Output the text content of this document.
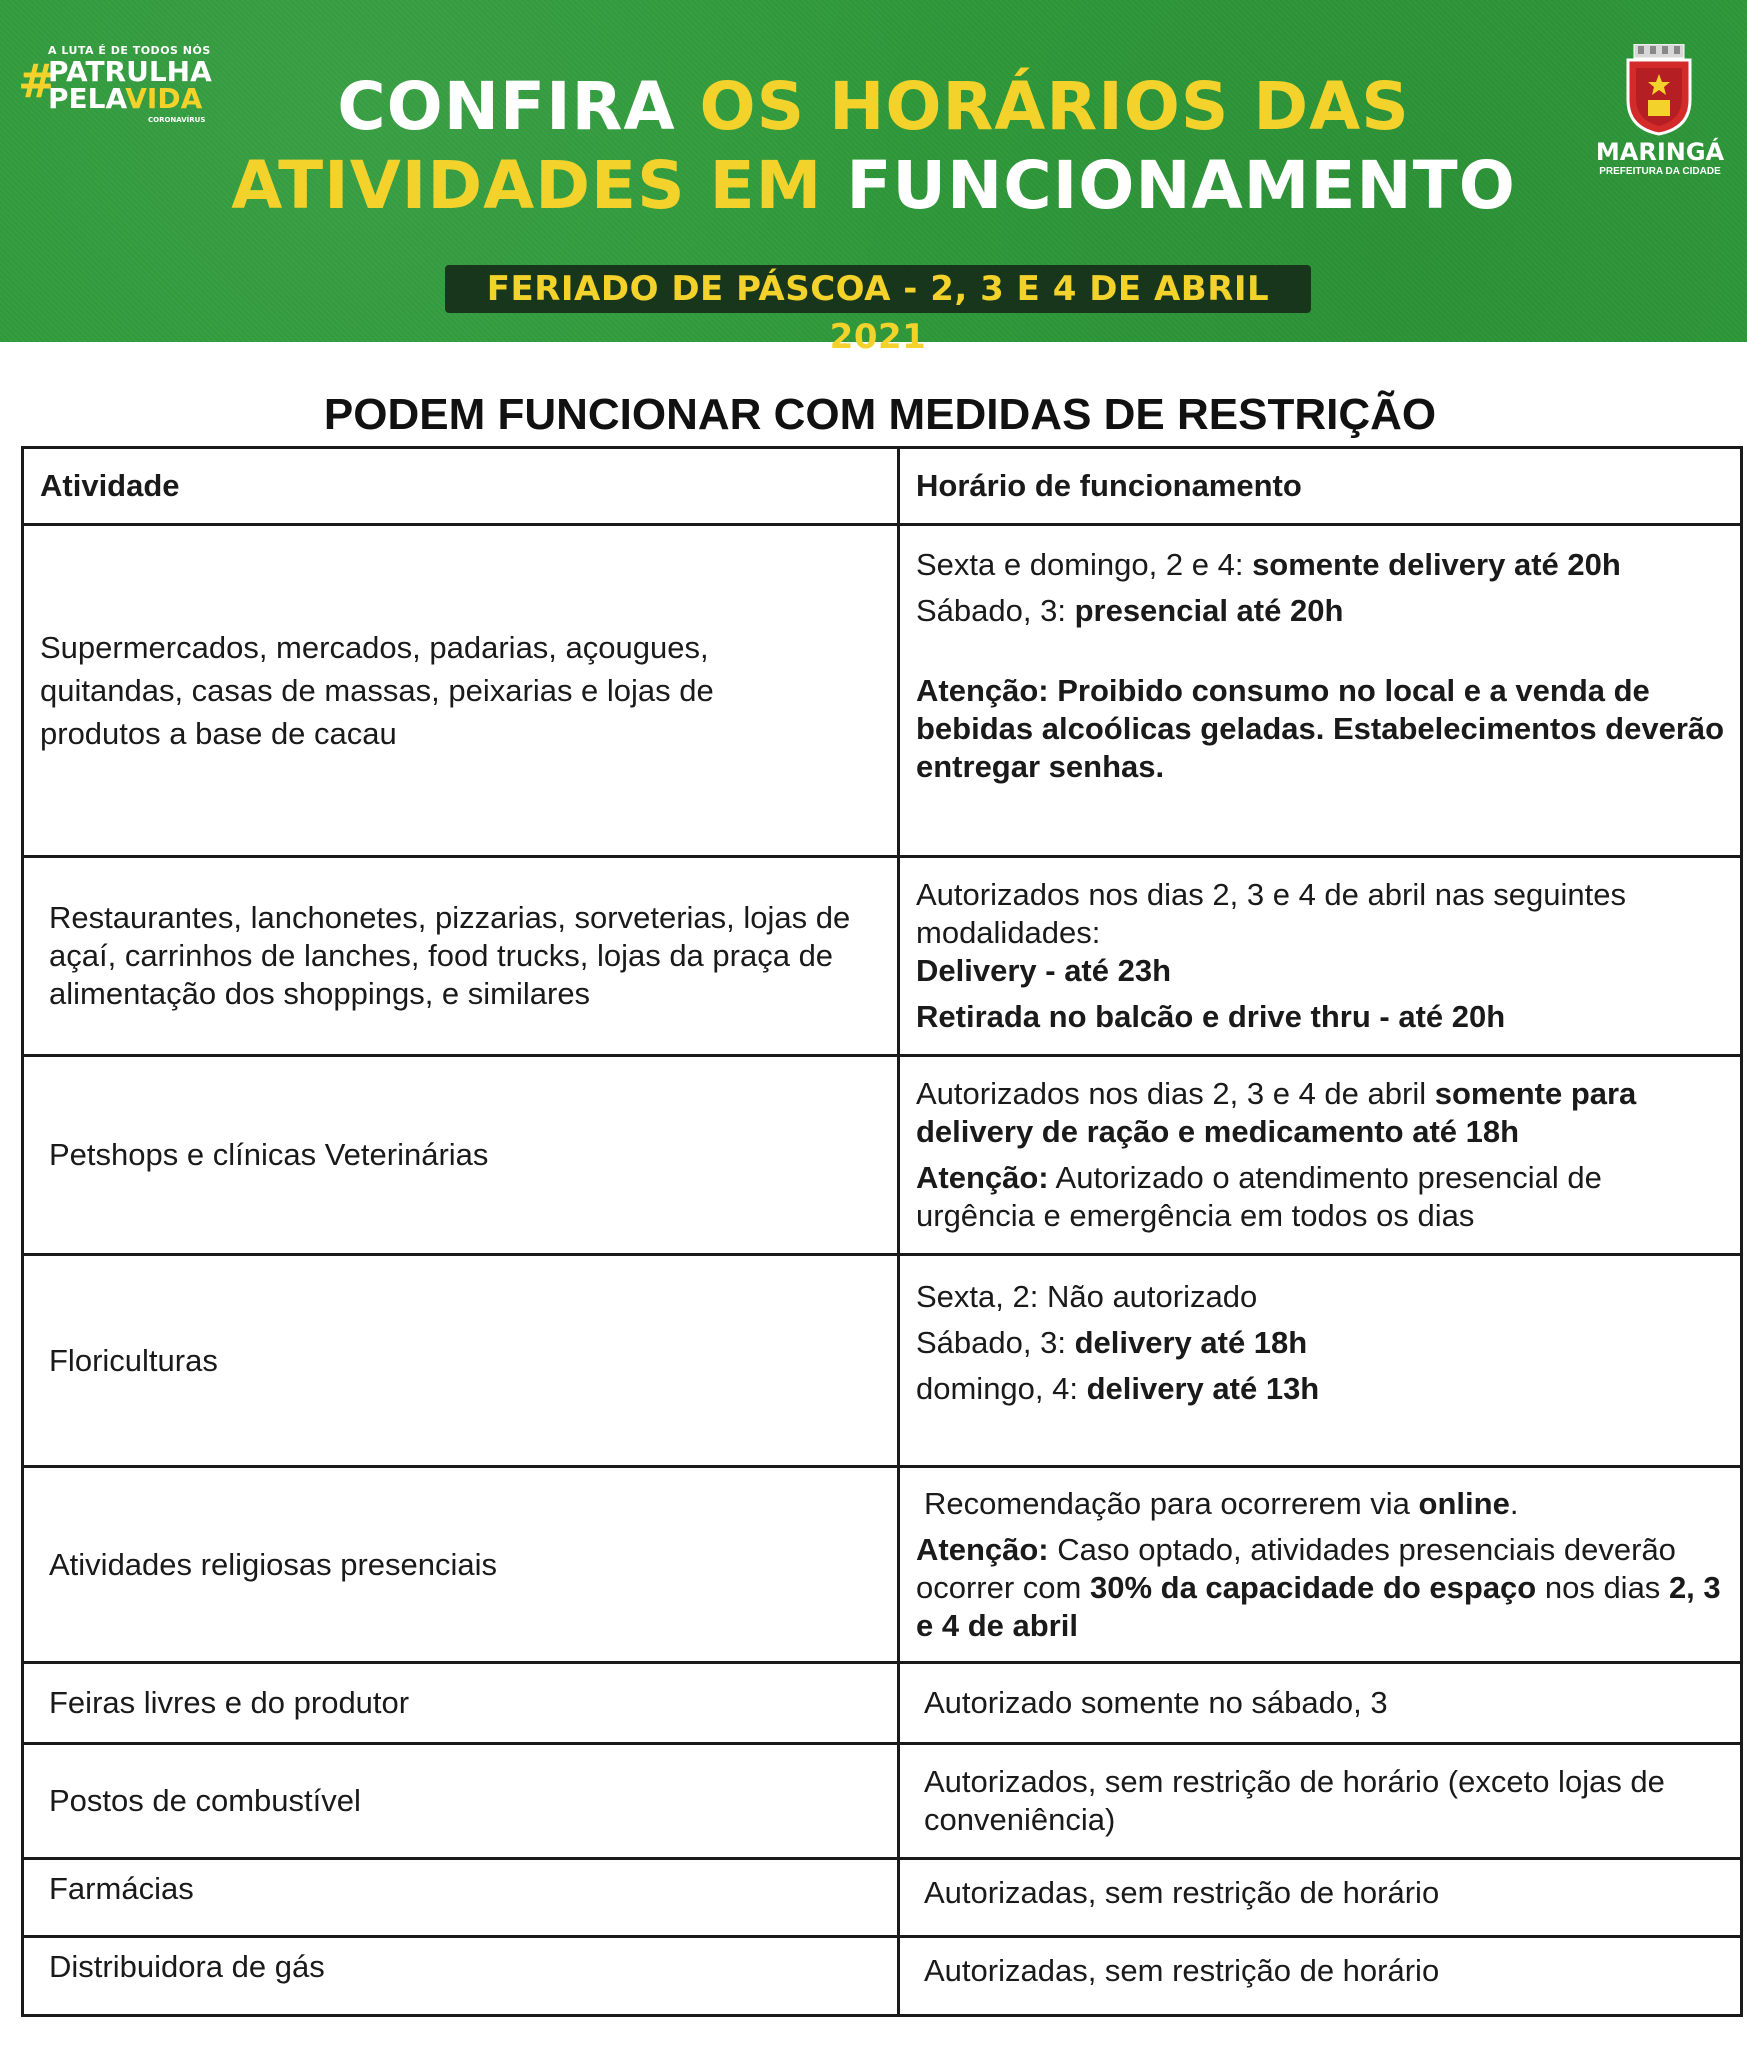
A LUTA É DE TODOS NÓS
#
PATRULHA
PELAVIDA
CORONAVÍRUS	CONFIRA OS HORÁRIOS DAS
ATIVIDADES EM FUNCIONAMENTO
FERIADO DE PÁSCOA - 2, 3 E 4 DE ABRIL 2021
MARINGÁ
PREFEITURA DA CIDADE
PODEM FUNCIONAR COM MEDIDAS DE RESTRIÇÃO
Atividade	Horário de funcionamento

Supermercados, mercados, padarias, açougues, quitandas, casas de massas, peixarias e lojas de produtos a base de cacau	Sexta e domingo, 2 e 4: somente delivery até 20h
Sábado, 3: presencial até 20h
Atenção: Proibido consumo no local e a venda de bebidas alcoólicas geladas. Estabelecimentos deverão entregar senhas.

Restaurantes, lanchonetes, pizzarias, sorveterias, lojas de açaí, carrinhos de lanches, food trucks, lojas da praça de alimentação dos shoppings, e similares	Autorizados nos dias 2, 3 e 4 de abril nas seguintes modalidades:
Delivery - até 23h
Retirada no balcão e drive thru - até 20h

Petshops e clínicas Veterinárias	Autorizados nos dias 2, 3 e 4 de abril somente para delivery de ração e medicamento até 18h
Atenção: Autorizado o atendimento presencial de urgência e emergência em todos os dias

Floriculturas	Sexta, 2: Não autorizado
Sábado, 3: delivery até 18h
domingo, 4: delivery até 13h

Atividades religiosas presenciais	Recomendação para ocorrerem via online.
Atenção: Caso optado, atividades presenciais deverão ocorrer com 30% da capacidade do espaço nos dias 2, 3 e 4 de abril

Feiras livres e do produtor	Autorizado somente no sábado, 3

Postos de combustível	Autorizados, sem restrição de horário (exceto lojas de conveniência)

Farmácias	Autorizadas, sem restrição de horário

Distribuidora de gás	Autorizadas, sem restrição de horário
